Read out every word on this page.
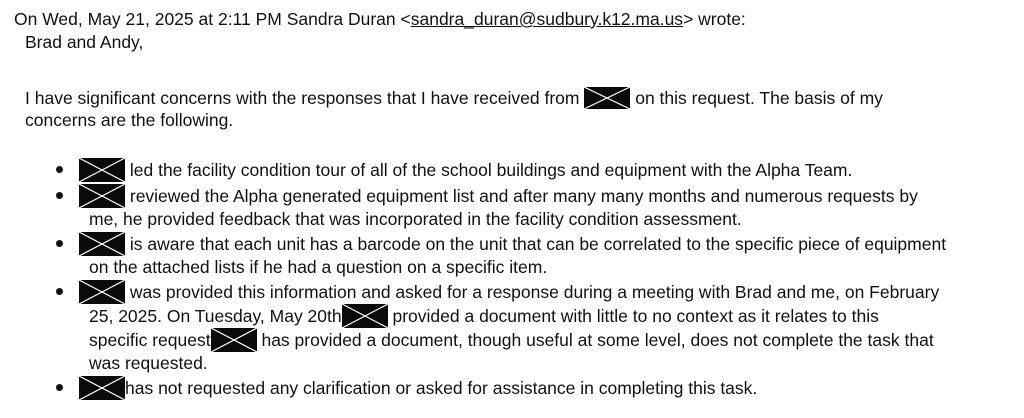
On Wed, May 21, 2025 at 2:11 PM Sandra Duran <sandra_duran@sudbury.k12.ma.us> wrote:
Brad and Andy,
I have significant concerns with the responses that I have received from	on this request. The basis of my
concerns are the following.
led the facility condition tour of all of the school buildings and equipment with the Alpha Team.
reviewed the Alpha generated equipment list and after many many months and numerous requests by
me, he provided feedback that was incorporated in the facility condition assessment.
is aware that each unit has a barcode on the unit that can be correlated to the specific piece of equipment
on the attached lists if he had a question on a specific item.
was provided this information and asked for a response during a meeting with Brad and me, on February
25, 2025. On Tuesday, May 20th	provided a document with little to no context as it relates to this
specific request	has provided a document, though useful at some level, does not complete the task that
was requested.
has not requested any clarification or asked for assistance in completing this task.
